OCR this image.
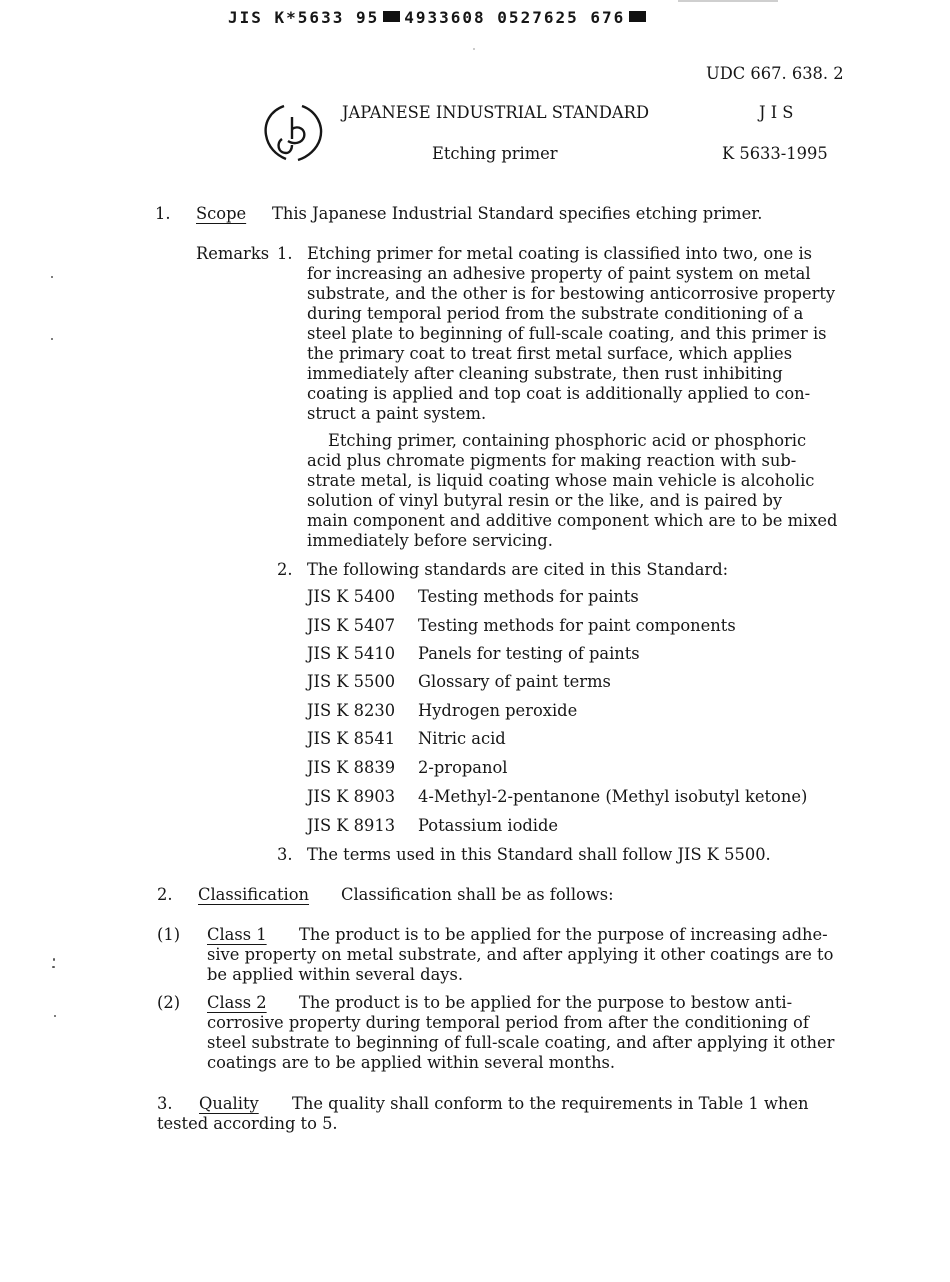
JIS K*5633 95 4933608 0527625 676
UDC 667. 638. 2
JAPANESE INDUSTRIAL STANDARD	J I S
Etching primer	K 5633-1995
1. Scope This Japanese Industrial Standard specifies etching primer.
Remarks 1. Etching primer for metal coating is classified into two, one is
for increasing an adhesive property of paint system on metal
substrate, and the other is for bestowing anticorrosive property
during temporal period from the substrate conditioning of a
steel plate to beginning of full-scale coating, and this primer is
the primary coat to treat first metal surface, which applies
immediately after cleaning substrate, then rust inhibiting
coating is applied and top coat is additionally applied to con-
struct a paint system.
Etching primer, containing phosphoric acid or phosphoric
acid plus chromate pigments for making reaction with sub-
strate metal, is liquid coating whose main vehicle is alcoholic
solution of vinyl butyral resin or the like, and is paired by
main component and additive component which are to be mixed
immediately before servicing.
2. The following standards are cited in this Standard:
JIS K 5400 Testing methods for paints
JIS K 5407 Testing methods for paint components
JIS K 5410 Panels for testing of paints
JIS K 5500 Glossary of paint terms
JIS K 8230 Hydrogen peroxide
JIS K 8541 Nitric acid
JIS K 8839 2-propanol
JIS K 8903 4-Methyl-2-pentanone (Methyl isobutyl ketone)
JIS K 8913 Potassium iodide
3. The terms used in this Standard shall follow JIS K 5500.
2. Classification Classification shall be as follows:
(1) Class 1 The product is to be applied for the purpose of increasing adhe-
sive property on metal substrate, and after applying it other coatings are to
be applied within several days.
(2) Class 2 The product is to be applied for the purpose to bestow anti-
corrosive property during temporal period from after the conditioning of
steel substrate to beginning of full-scale coating, and after applying it other
coatings are to be applied within several months.
3. Quality The quality shall conform to the requirements in Table 1 when
tested according to 5.
